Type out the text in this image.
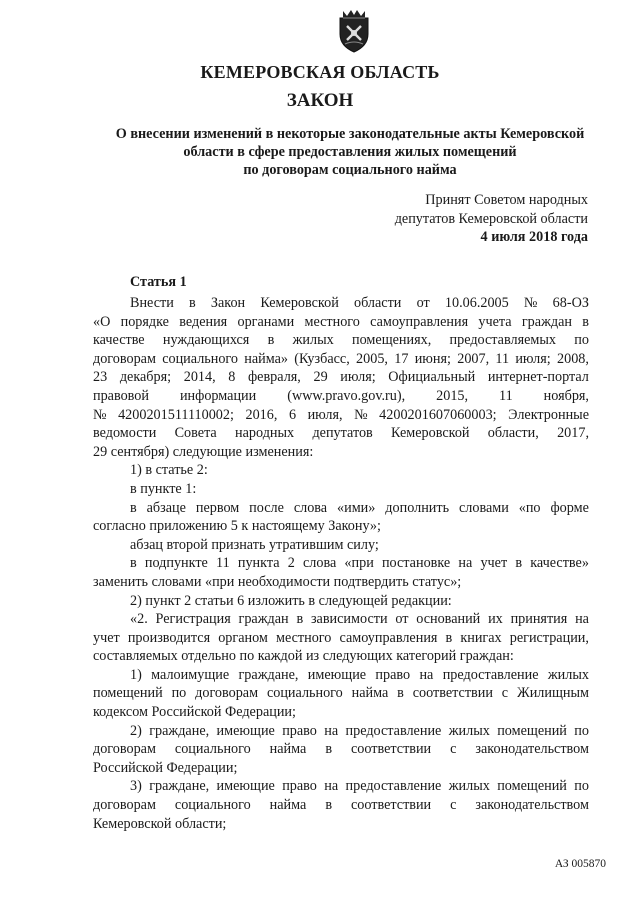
КЕМЕРОВСКАЯ ОБЛАСТЬ
ЗАКОН
О внесении изменений в некоторые законодательные акты Кемеровской
области в сфере предоставления жилых помещений
по договорам социального найма
Принят Советом народных
депутатов Кемеровской области
4 июля 2018 года
Статья 1
Внести в Закон Кемеровской области от 10.06.2005 № 68-ОЗ
«О порядке ведения органами местного самоуправления учета граждан в
качестве нуждающихся в жилых помещениях, предоставляемых по
договорам социального найма» (Кузбасс, 2005, 17 июня; 2007, 11 июля; 2008,
23 декабря; 2014, 8 февраля, 29 июля; Официальный интернет-портал
правовой информации (www.pravo.gov.ru), 2015, 11 ноября,
№ 4200201511110002; 2016, 6 июля, № 4200201607060003; Электронные
ведомости Совета народных депутатов Кемеровской области, 2017,
29 сентября) следующие изменения:
1) в статье 2:
в пункте 1:
в абзаце первом после слова «ими» дополнить словами «по форме
согласно приложению 5 к настоящему Закону»;
абзац второй признать утратившим силу;
в подпункте 11 пункта 2 слова «при постановке на учет в качестве»
заменить словами «при необходимости подтвердить статус»;
2) пункт 2 статьи 6 изложить в следующей редакции:
«2. Регистрация граждан в зависимости от оснований их принятия на
учет производится органом местного самоуправления в книгах регистрации,
составляемых отдельно по каждой из следующих категорий граждан:
1) малоимущие граждане, имеющие право на предоставление жилых
помещений по договорам социального найма в соответствии с Жилищным
кодексом Российской Федерации;
2) граждане, имеющие право на предоставление жилых помещений по
договорам социального найма в соответствии с законодательством
Российской Федерации;
3) граждане, имеющие право на предоставление жилых помещений по
договорам социального найма в соответствии с законодательством
Кемеровской области;
АЗ 005870
